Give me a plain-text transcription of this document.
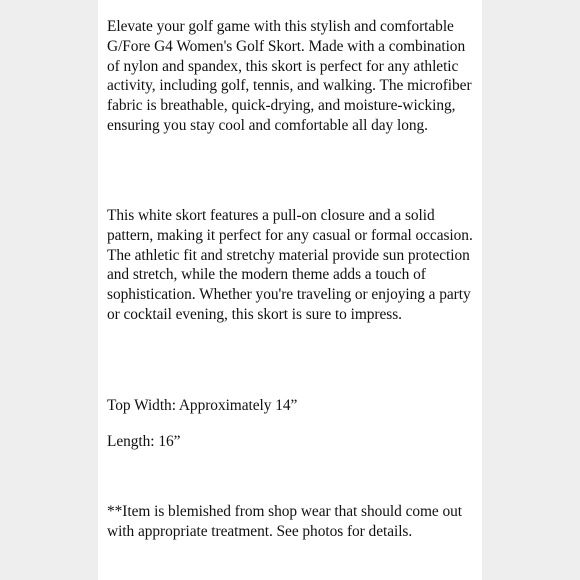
Elevate your golf game with this stylish and comfortable G/Fore G4 Women's Golf Skort. Made with a combination of nylon and spandex, this skort is perfect for any athletic activity, including golf, tennis, and walking. The microfiber fabric is breathable, quick-drying, and moisture-wicking, ensuring you stay cool and comfortable all day long.

This white skort features a pull-on closure and a solid pattern, making it perfect for any casual or formal occasion. The athletic fit and stretchy material provide sun protection and stretch, while the modern theme adds a touch of sophistication. Whether you're traveling or enjoying a party or cocktail evening, this skort is sure to impress.

Top Width: Approximately 14”

Length: 16”

**Item is blemished from shop wear that should come out with appropriate treatment. See photos for details.
